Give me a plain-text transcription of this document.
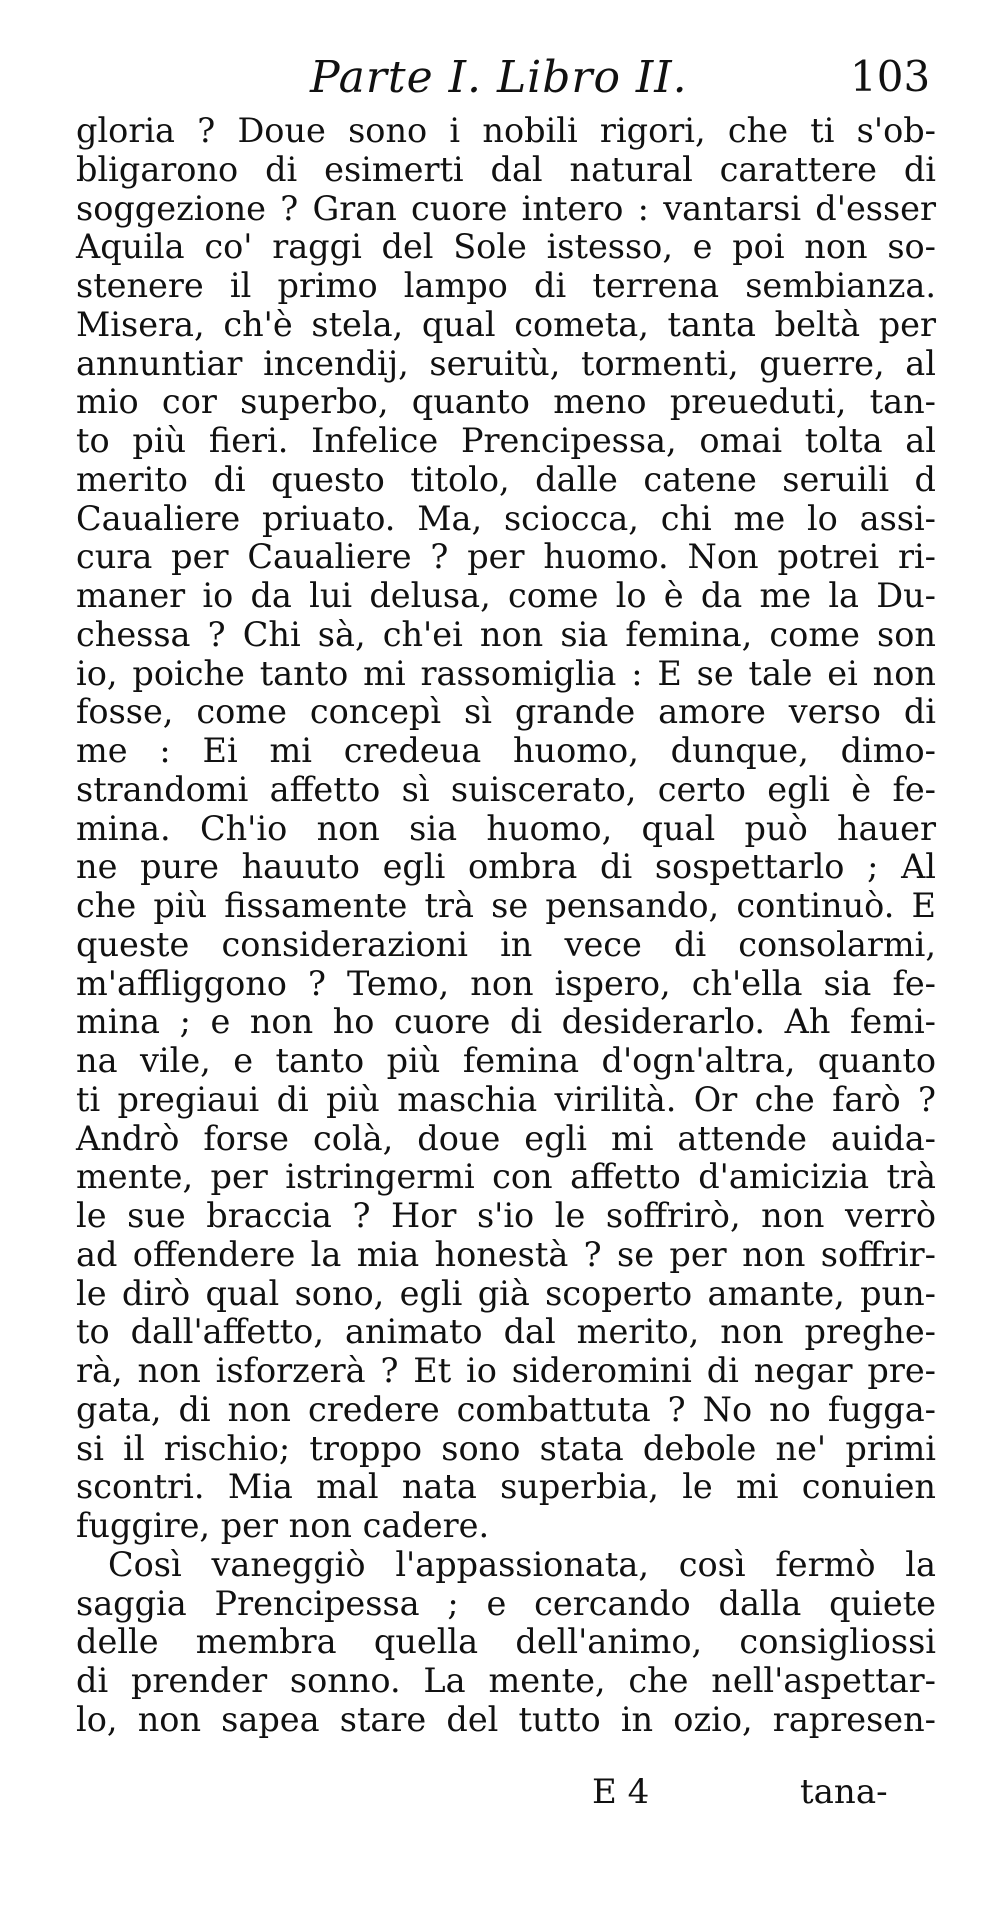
Parte I. Libro II.	103
gloria ? Doue sono i nobili rigori, che ti s'ob-
bligarono di esimerti dal natural carattere di
soggezione ? Gran cuore intero : vantarsi d'esser
Aquila co' raggi del Sole istesso, e poi non so-
stenere il primo lampo di terrena sembianza.
Misera, ch'è stela, qual cometa, tanta beltà per
annuntiar incendij, seruitù, tormenti, guerre, al
mio cor superbo, quanto meno preueduti, tan-
to più fieri. Infelice Prencipessa, omai tolta al
merito di questo titolo, dalle catene seruili d
Caualiere priuato. Ma, sciocca, chi me lo assi-
cura per Caualiere ? per huomo. Non potrei ri-
maner io da lui delusa, come lo è da me la Du-
chessa ? Chi sà, ch'ei non sia femina, come son
io, poiche tanto mi rassomiglia : E se tale ei non
fosse, come concepì sì grande amore verso di
me : Ei mi credeua huomo, dunque, dimo-
strandomi affetto sì suiscerato, certo egli è fe-
mina. Ch'io non sia huomo, qual può hauer
ne pure hauuto egli ombra di sospettarlo ; Al
che più fissamente trà se pensando, continuò. E
queste considerazioni in vece di consolarmi,
m'affliggono ? Temo, non ispero, ch'ella sia fe-
mina ; e non ho cuore di desiderarlo. Ah femi-
na vile, e tanto più femina d'ogn'altra, quanto
ti pregiaui di più maschia virilità. Or che farò ?
Andrò forse colà, doue egli mi attende auida-
mente, per istringermi con affetto d'amicizia trà
le sue braccia ? Hor s'io le soffrirò, non verrò
ad offendere la mia honestà ? se per non soffrir-
le dirò qual sono, egli già scoperto amante, pun-
to dall'affetto, animato dal merito, non preghe-
rà, non isforzerà ? Et io sideromini di negar pre-
gata, di non credere combattuta ? No no fugga-
si il rischio; troppo sono stata debole ne' primi
scontri. Mia mal nata superbia, le mi conuien
fuggire, per non cadere.
Così vaneggiò l'appassionata, così fermò la
saggia Prencipessa ; e cercando dalla quiete
delle membra quella dell'animo, consigliossi
di prender sonno. La mente, che nell'aspettar-
lo, non sapea stare del tutto in ozio, rapresen-
E 4	tana-
